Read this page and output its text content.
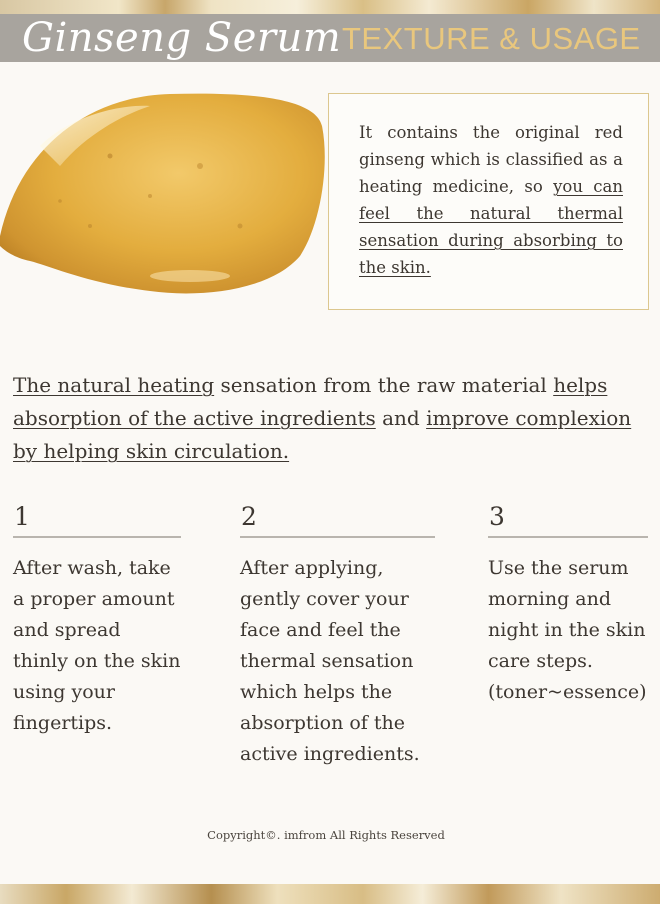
Ginseng Serum TEXTURE & USAGE
It contains the original red ginseng which is classified as a heating medicine, so you can feel the natural thermal sensation during absorbing to the skin.
The natural heating sensation from the raw material helps absorption of the active ingredients and improve complexion by helping skin circulation.
1
After wash, take a proper amount and spread thinly on the skin using your fingertips.
2
After applying, gently cover your face and feel the thermal sensation which helps the absorption of the active ingredients.
3
Use the serum morning and night in the skin care steps. (toner~essence)
Copyright©. imfrom All Rights Reserved
